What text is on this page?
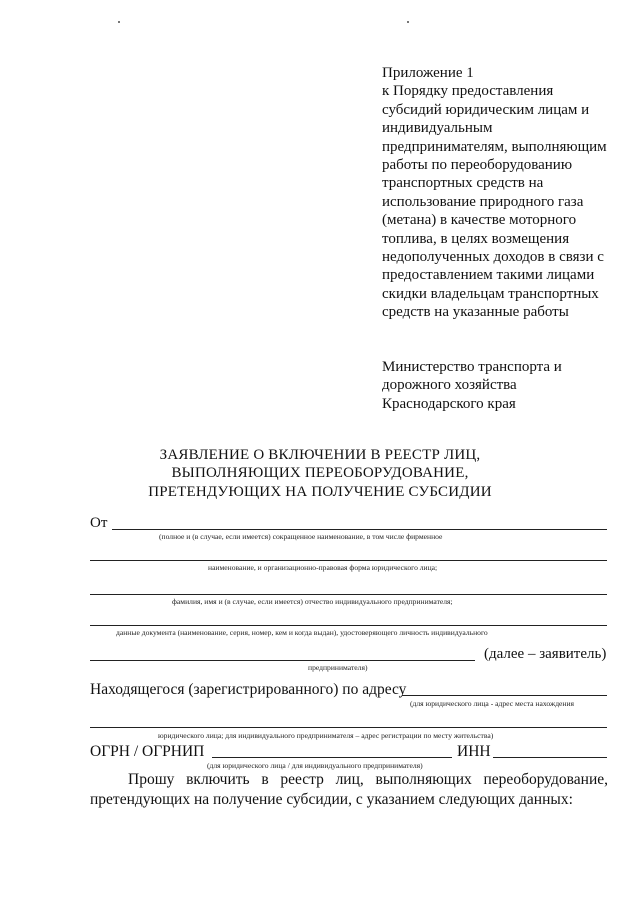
Приложение 1
к Порядку предоставления
субсидий юридическим лицам и
индивидуальным
предпринимателям, выполняющим
работы по переоборудованию
транспортных средств на
использование природного газа
(метана) в качестве моторного
топлива, в целях возмещения
недополученных доходов в связи с
предоставлением такими лицами
скидки владельцам транспортных
средств на указанные работы
Министерство транспорта и
дорожного хозяйства
Краснодарского края
ЗАЯВЛЕНИЕ О ВКЛЮЧЕНИИ В РЕЕСТР ЛИЦ,
ВЫПОЛНЯЮЩИХ ПЕРЕОБОРУДОВАНИЕ,
ПРЕТЕНДУЮЩИХ НА ПОЛУЧЕНИЕ СУБСИДИИ
От
(полное и (в случае, если имеется) сокращенное наименование, в том числе фирменное
наименование, и организационно-правовая форма юридического лица;
фамилия, имя и (в случае, если имеется) отчество индивидуального предпринимателя;
данные документа (наименование, серия, номер, кем и когда выдан), удостоверяющего личность индивидуального
(далее – заявитель)
предпринимателя)
Находящегося (зарегистрированного) по адресу
(для юридического лица - адрес места нахождения
юридического лица; для индивидуального предпринимателя – адрес регистрации по месту жительства)
ОГРН / ОГРНИП	ИНН
(для юридического лица / для индивидуального предпринимателя)
Прошу включить в реестр лиц, выполняющих переоборудование,
претендующих на получение субсидии, с указанием следующих данных:
